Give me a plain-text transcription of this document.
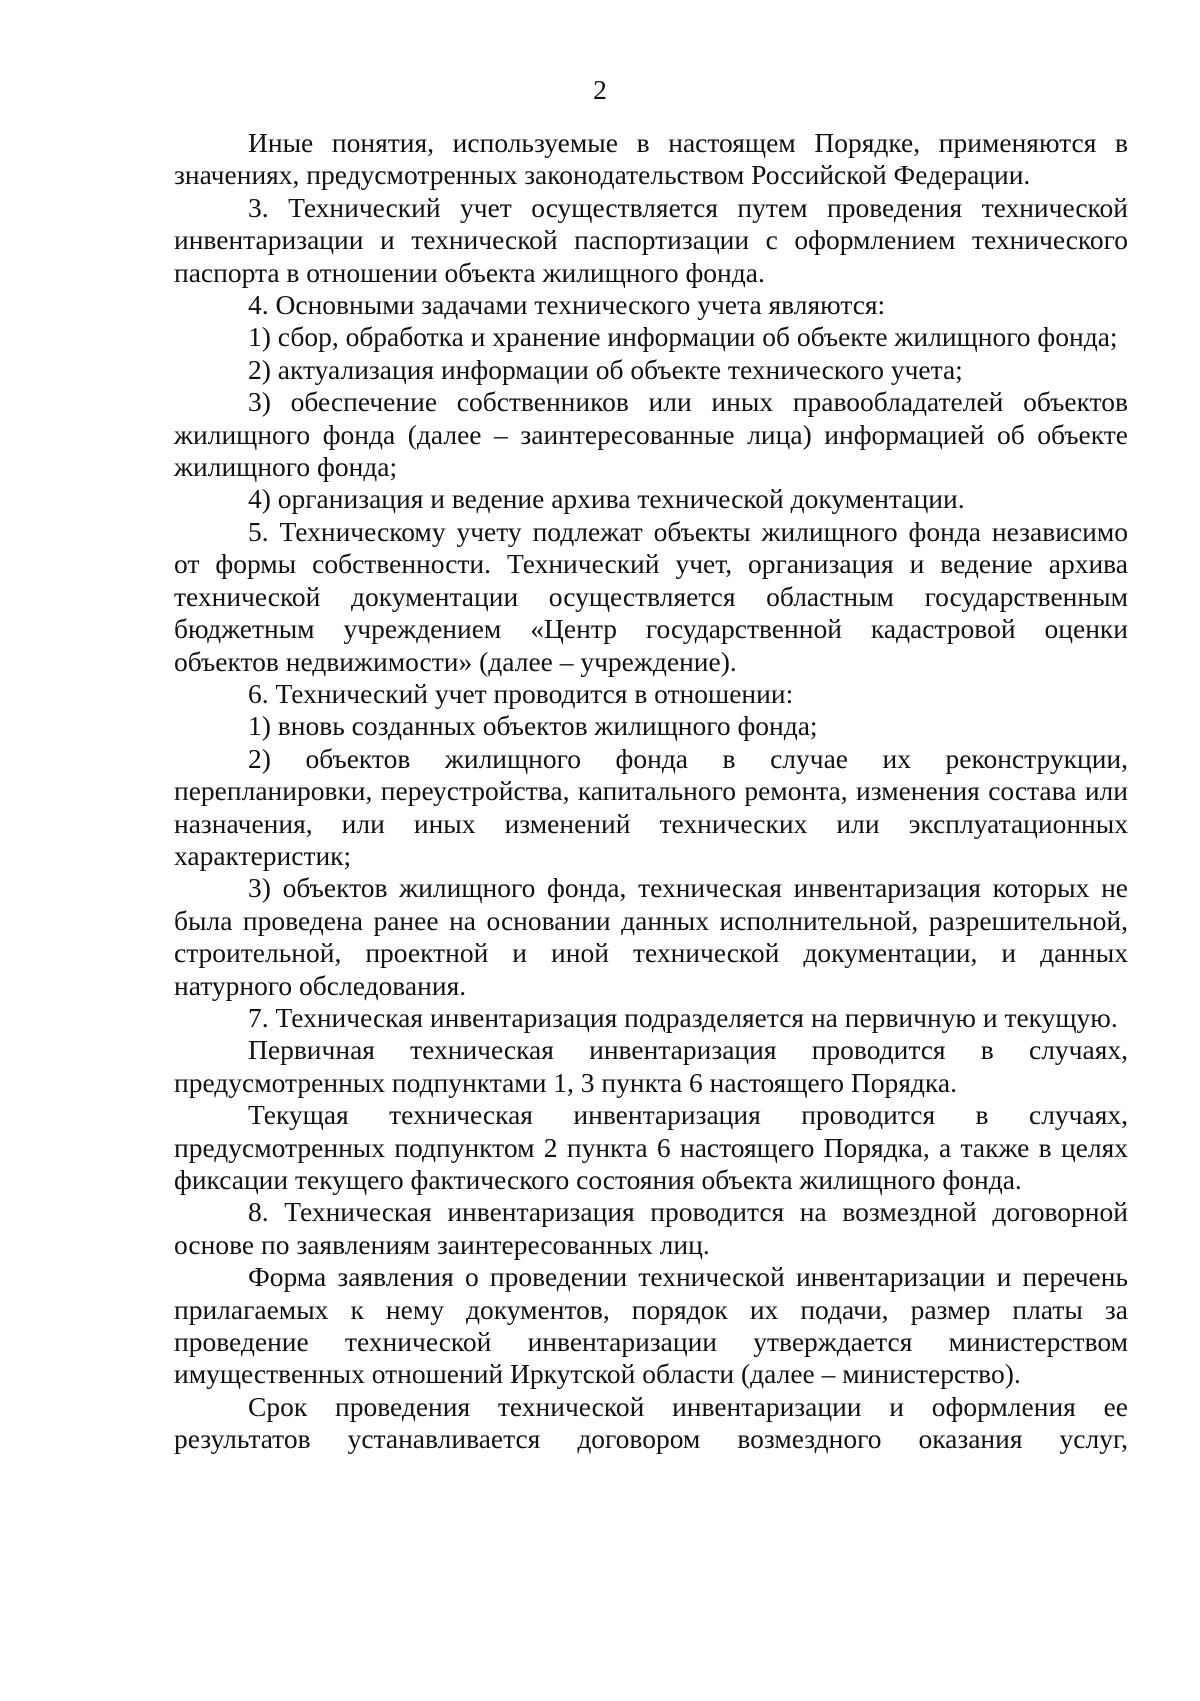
2

Иные понятия, используемые в настоящем Порядке, применяются в значениях, предусмотренных законодательством Российской Федерации.

3. Технический учет осуществляется путем проведения технической инвентаризации и технической паспортизации с оформлением технического паспорта в отношении объекта жилищного фонда.

4. Основными задачами технического учета являются:

1) сбор, обработка и хранение информации об объекте жилищного фонда;

2) актуализация информации об объекте технического учета;

3) обеспечение собственников или иных правообладателей объектов жилищного фонда (далее – заинтересованные лица) информацией об объекте жилищного фонда;

4) организация и ведение архива технической документации.

5. Техническому учету подлежат объекты жилищного фонда независимо от формы собственности. Технический учет, организация и ведение архива технической документации осуществляется областным государственным бюджетным учреждением «Центр государственной кадастровой оценки объектов недвижимости» (далее – учреждение).

6. Технический учет проводится в отношении:

1) вновь созданных объектов жилищного фонда;

2) объектов жилищного фонда в случае их реконструкции, перепланировки, переустройства, капитального ремонта, изменения состава или назначения, или иных изменений технических или эксплуатационных характеристик;

3) объектов жилищного фонда, техническая инвентаризация которых не была проведена ранее на основании данных исполнительной, разрешительной, строительной, проектной и иной технической документации, и данных натурного обследования.

7. Техническая инвентаризация подразделяется на первичную и текущую.

Первичная техническая инвентаризация проводится в случаях, предусмотренных подпунктами 1, 3 пункта 6 настоящего Порядка.

Текущая техническая инвентаризация проводится в случаях, предусмотренных подпунктом 2 пункта 6 настоящего Порядка, а также в целях фиксации текущего фактического состояния объекта жилищного фонда.

8. Техническая инвентаризация проводится на возмездной договорной основе по заявлениям заинтересованных лиц.

Форма заявления о проведении технической инвентаризации и перечень прилагаемых к нему документов, порядок их подачи, размер платы за проведение технической инвентаризации утверждается министерством имущественных отношений Иркутской области (далее – министерство).

Срок проведения технической инвентаризации и оформления ее результатов устанавливается договором возмездного оказания услуг,
